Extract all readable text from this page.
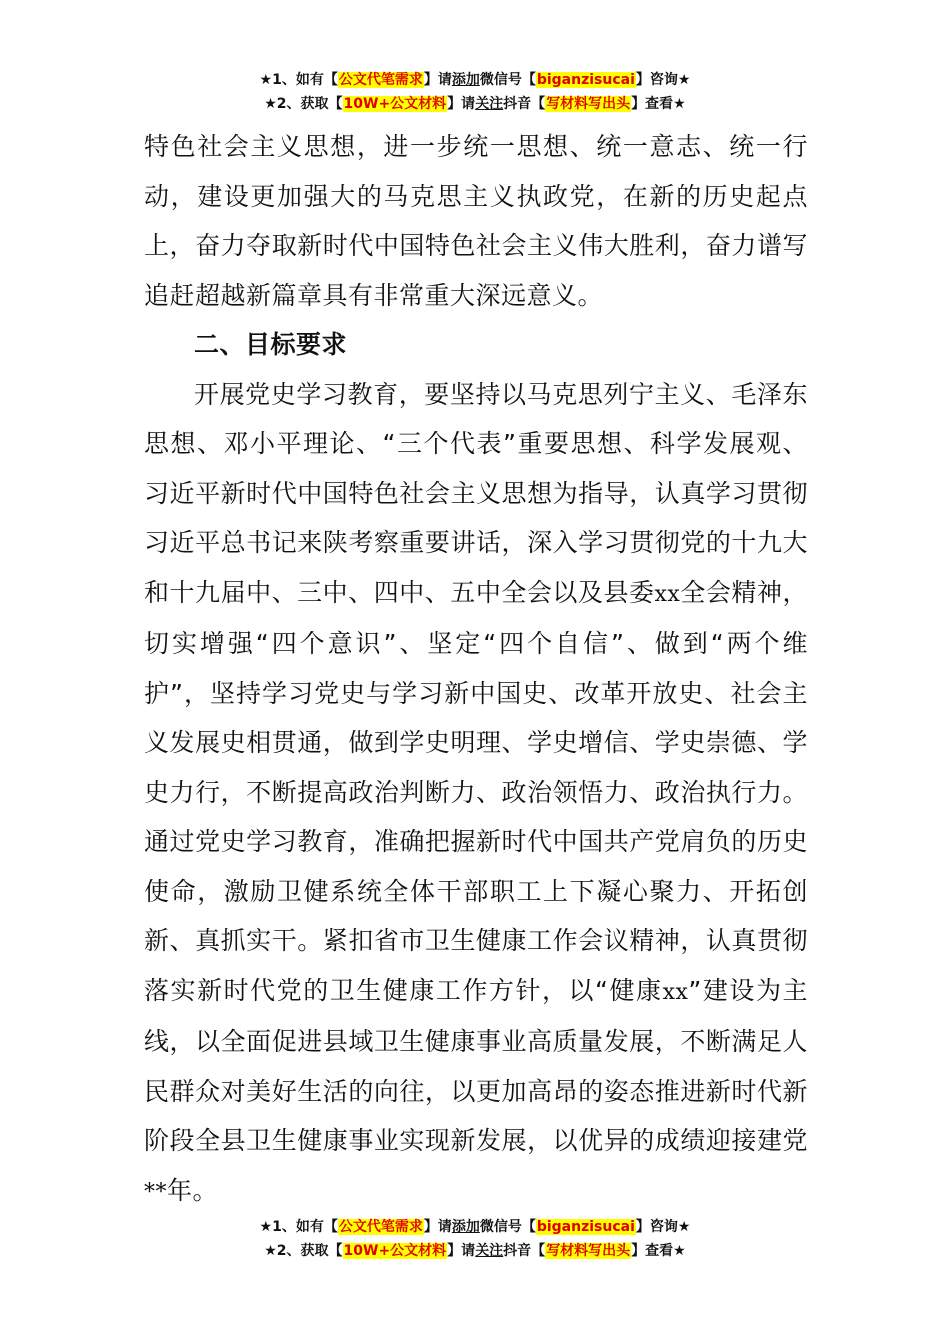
★1、如有【公文代笔需求】请添加微信号【biganzisucai】咨询★
★2、获取【10W+公文材料】请关注抖音【写材料写出头】查看★

特色社会主义思想，进一步统一思想、统一意志、统一行动，建设更加强大的马克思主义执政党，在新的历史起点上，奋力夺取新时代中国特色社会主义伟大胜利，奋力谱写追赶超越新篇章具有非常重大深远意义。

二、目标要求

开展党史学习教育，要坚持以马克思列宁主义、毛泽东思想、邓小平理论、“三个代表”重要思想、科学发展观、习近平新时代中国特色社会主义思想为指导，认真学习贯彻习近平总书记来陕考察重要讲话，深入学习贯彻党的十九大和十九届中、三中、四中、五中全会以及县委xx全会精神，切实增强“四个意识”、坚定“四个自信”、做到“两个维护”，坚持学习党史与学习新中国史、改革开放史、社会主义发展史相贯通，做到学史明理、学史增信、学史崇德、学史力行，不断提高政治判断力、政治领悟力、政治执行力。通过党史学习教育，准确把握新时代中国共产党肩负的历史使命，激励卫健系统全体干部职工上下凝心聚力、开拓创新、真抓实干。紧扣省市卫生健康工作会议精神，认真贯彻落实新时代党的卫生健康工作方针，以“健康xx”建设为主线，以全面促进县域卫生健康事业高质量发展，不断满足人民群众对美好生活的向往，以更加高昂的姿态推进新时代新阶段全县卫生健康事业实现新发展，以优异的成绩迎接建党**年。

★1、如有【公文代笔需求】请添加微信号【biganzisucai】咨询★
★2、获取【10W+公文材料】请关注抖音【写材料写出头】查看★
